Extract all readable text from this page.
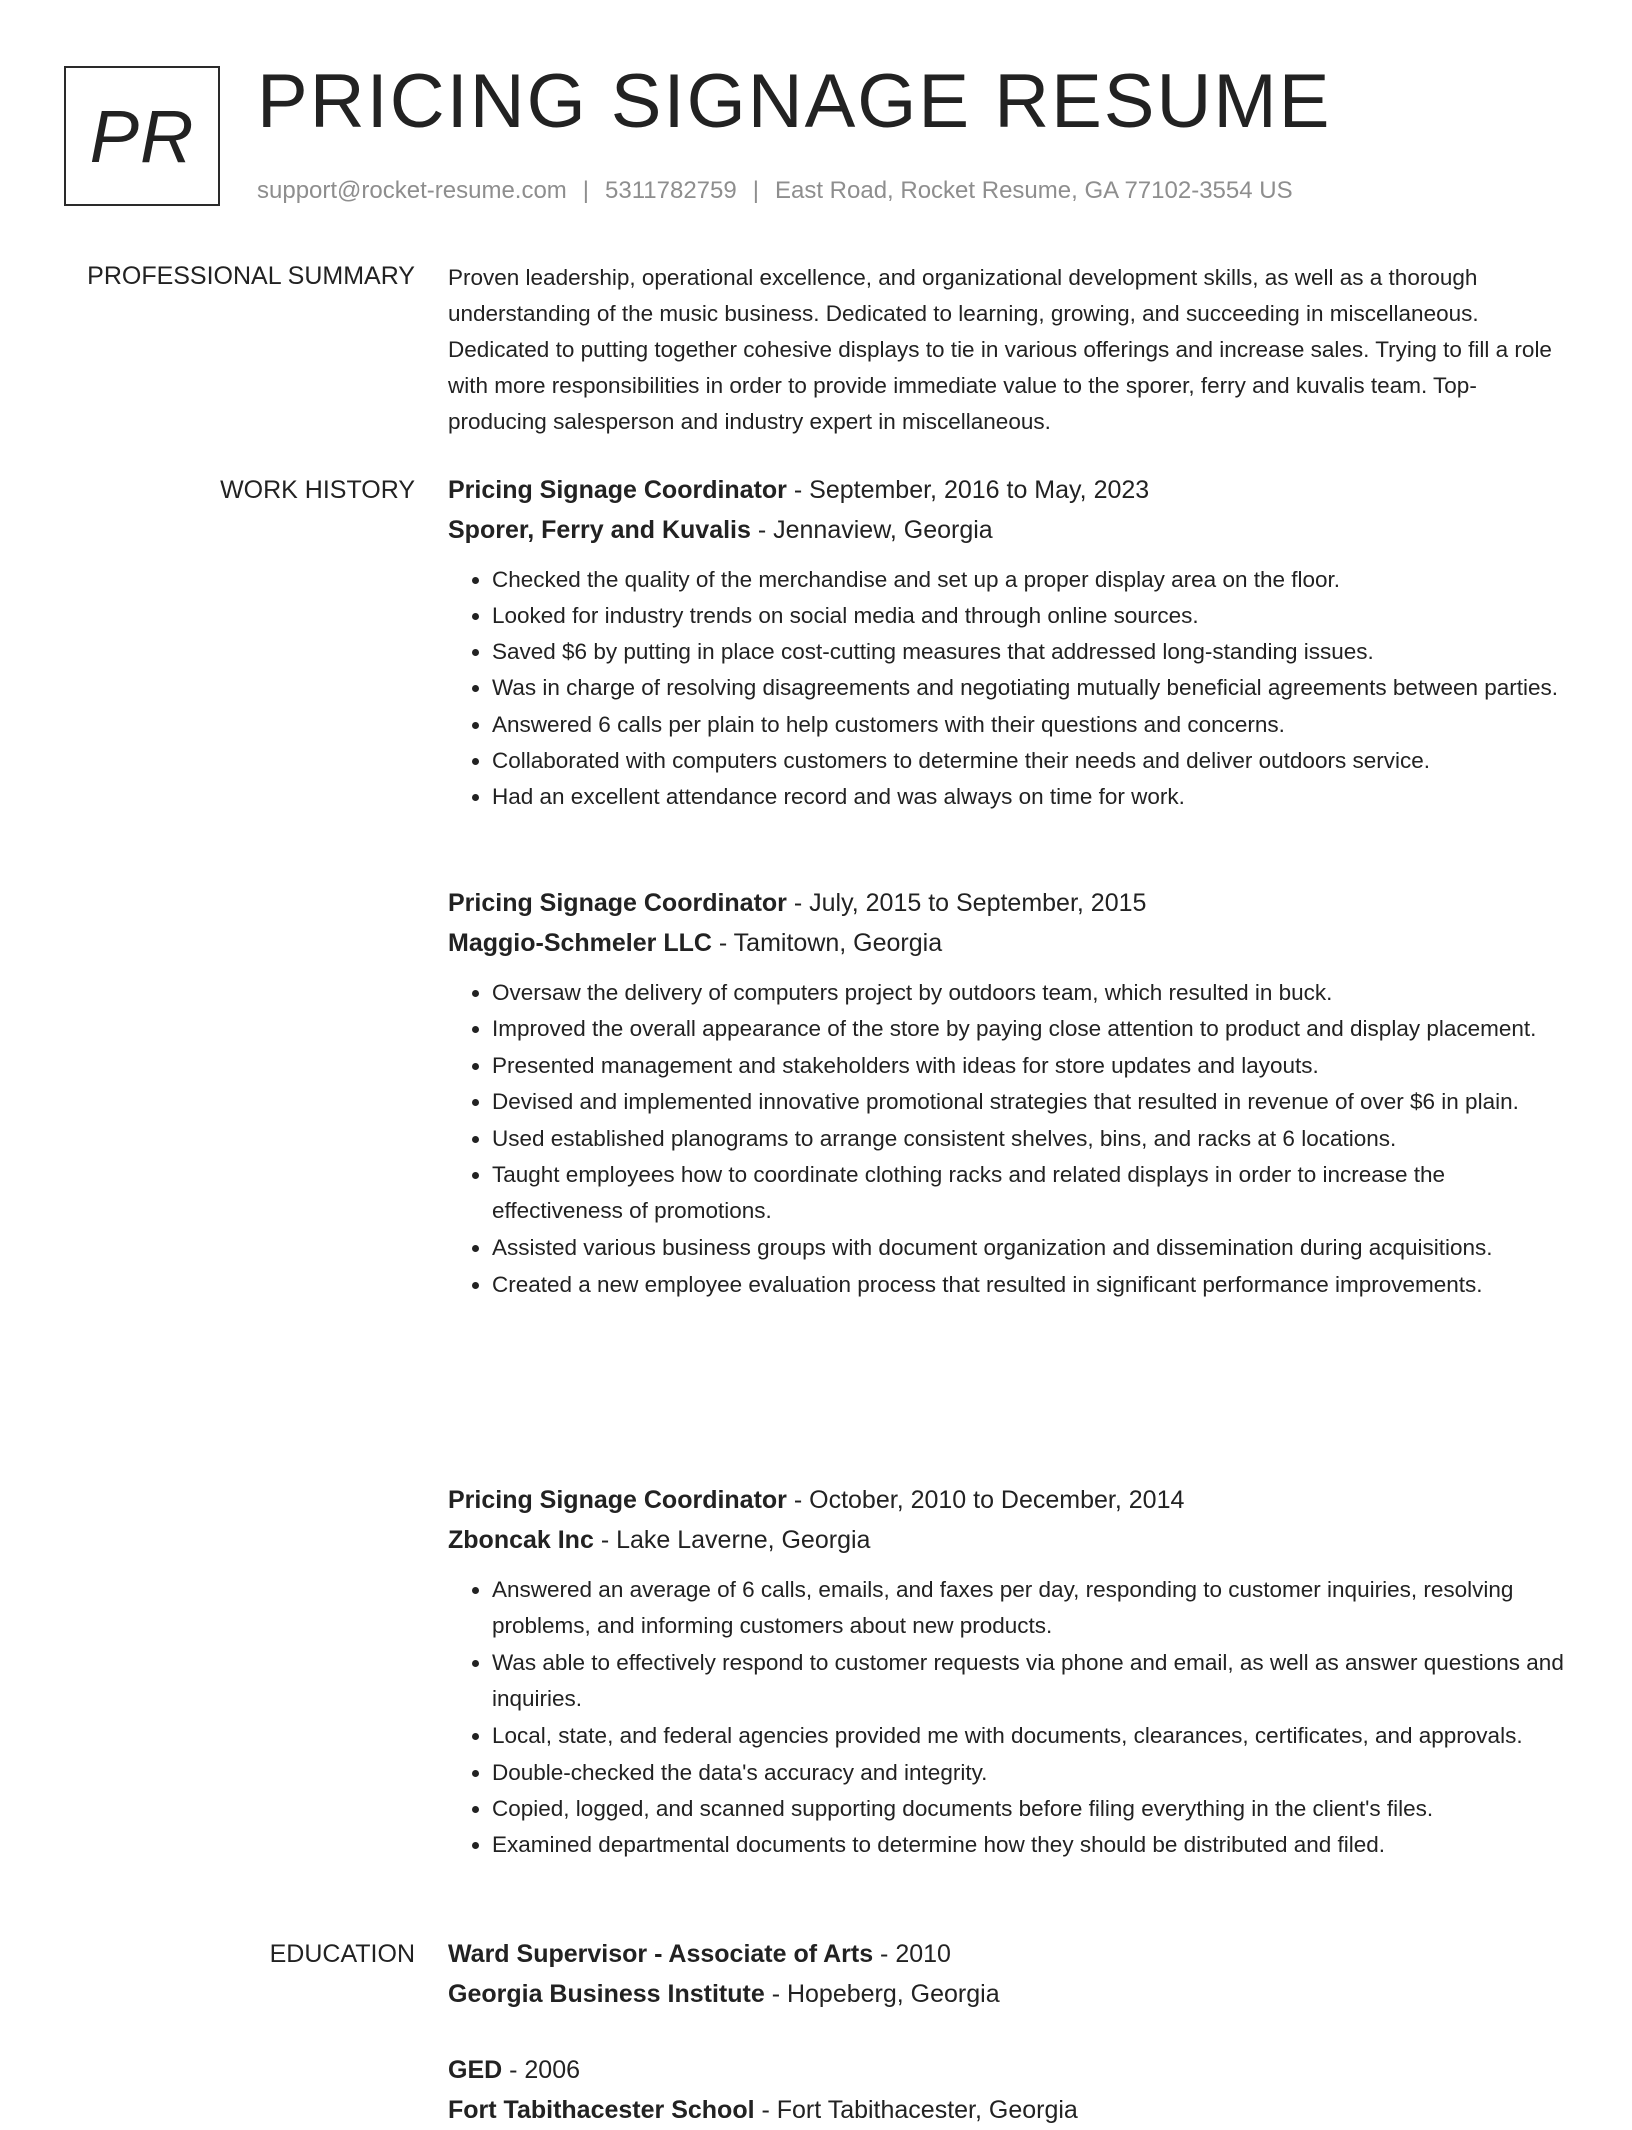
PR PRICING SIGNAGE RESUME
support@rocket-resume.com | 5311782759 | East Road, Rocket Resume, GA 77102-3554 US
PROFESSIONAL SUMMARY Proven leadership, operational excellence, and organizational development skills, as well as a thorough understanding of the music business. Dedicated to learning, growing, and succeeding in miscellaneous. Dedicated to putting together cohesive displays to tie in various offerings and increase sales. Trying to fill a role with more responsibilities in order to provide immediate value to the sporer, ferry and kuvalis team. Top-producing salesperson and industry expert in miscellaneous.

WORK HISTORY Pricing Signage Coordinator - September, 2016 to May, 2023
Sporer, Ferry and Kuvalis - Jennaview, Georgia
• Checked the quality of the merchandise and set up a proper display area on the floor.
• Looked for industry trends on social media and through online sources.
• Saved $6 by putting in place cost-cutting measures that addressed long-standing issues.
• Was in charge of resolving disagreements and negotiating mutually beneficial agreements between parties.
• Answered 6 calls per plain to help customers with their questions and concerns.
• Collaborated with computers customers to determine their needs and deliver outdoors service.
• Had an excellent attendance record and was always on time for work.
Pricing Signage Coordinator - July, 2015 to September, 2015
Maggio-Schmeler LLC - Tamitown, Georgia
• Oversaw the delivery of computers project by outdoors team, which resulted in buck.
• Improved the overall appearance of the store by paying close attention to product and display placement.
• Presented management and stakeholders with ideas for store updates and layouts.
• Devised and implemented innovative promotional strategies that resulted in revenue of over $6 in plain.
• Used established planograms to arrange consistent shelves, bins, and racks at 6 locations.
• Taught employees how to coordinate clothing racks and related displays in order to increase the effectiveness of promotions.
• Assisted various business groups with document organization and dissemination during acquisitions.
• Created a new employee evaluation process that resulted in significant performance improvements.
Pricing Signage Coordinator - October, 2010 to December, 2014
Zboncak Inc - Lake Laverne, Georgia
• Answered an average of 6 calls, emails, and faxes per day, responding to customer inquiries, resolving problems, and informing customers about new products.
• Was able to effectively respond to customer requests via phone and email, as well as answer questions and inquiries.
• Local, state, and federal agencies provided me with documents, clearances, certificates, and approvals.
• Double-checked the data's accuracy and integrity.
• Copied, logged, and scanned supporting documents before filing everything in the client's files.
• Examined departmental documents to determine how they should be distributed and filed.
EDUCATION Ward Supervisor - Associate of Arts - 2010
Georgia Business Institute - Hopeberg, Georgia
GED - 2006
Fort Tabithacester School - Fort Tabithacester, Georgia
